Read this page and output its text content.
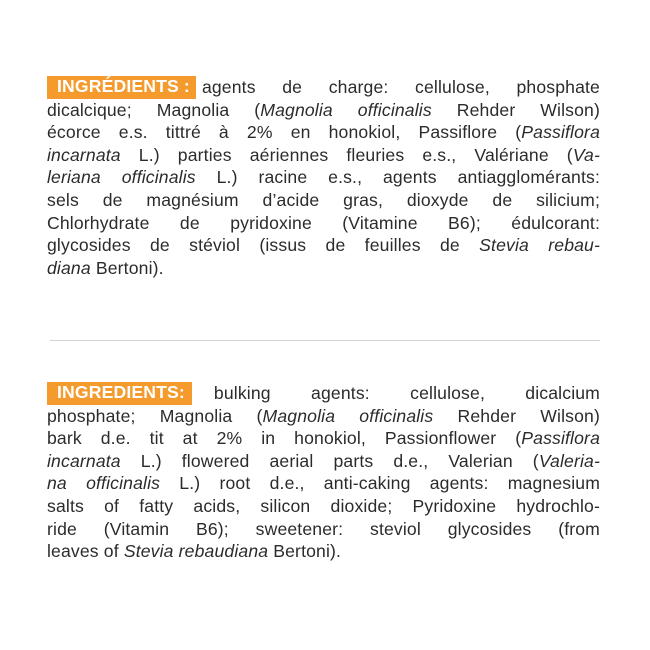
INGRÉDIENTS : agents de charge: cellulose, phosphate
dicalcique; Magnolia (Magnolia officinalis Rehder Wilson)
écorce e.s. tittré à 2% en honokiol, Passiflore (Passiflora
incarnata L.) parties aériennes fleuries e.s., Valériane (Va-
leriana officinalis L.) racine e.s., agents antiagglomérants:
sels de magnésium d’acide gras, dioxyde de silicium;
Chlorhydrate de pyridoxine (Vitamine B6); édulcorant:
glycosides de stéviol (issus de feuilles de Stevia rebau-
diana Bertoni).
INGREDIENTS:	bulking agents: cellulose, dicalcium
phosphate; Magnolia (Magnolia officinalis Rehder Wilson)
bark d.e. tit at 2% in honokiol, Passionflower (Passiflora
incarnata L.) flowered aerial parts d.e., Valerian (Valeria-
na officinalis L.) root d.e., anti-caking agents: magnesium
salts of fatty acids, silicon dioxide; Pyridoxine hydrochlo-
ride (Vitamin B6); sweetener: steviol glycosides (from
leaves of Stevia rebaudiana Bertoni).
